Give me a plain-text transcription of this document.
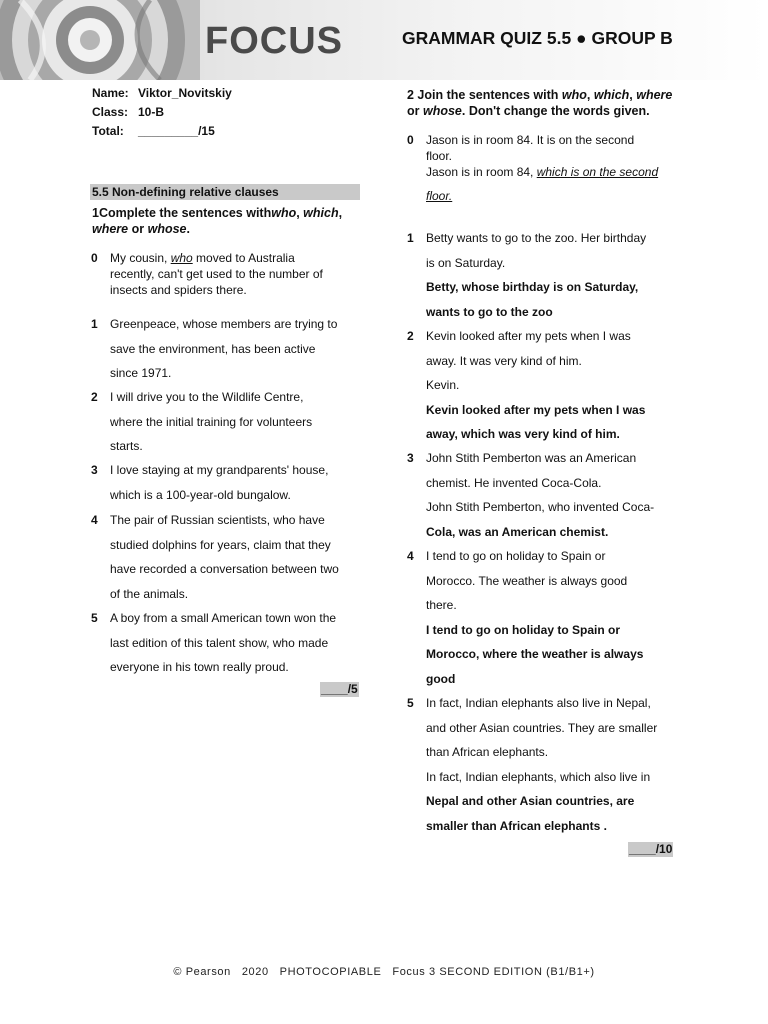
FOCUS	GRAMMAR QUIZ 5.5 ● GROUP B
Name: Viktor_Novitskiy
Class: 10-B
Total: _________/15
5.5 Non-defining relative clauses
1Complete the sentences withwho, which,
where or whose.
0 My cousin, who moved to Australia
recently, can't get used to the number of
insects and spiders there.
1 Greenpeace, whose members are trying to
save the environment, has been active
since 1971.
2 I will drive you to the Wildlife Centre,
where the initial training for volunteers
starts.
3 I love staying at my grandparents' house,
which is a 100-year-old bungalow.
4 The pair of Russian scientists, who have
studied dolphins for years, claim that they
have recorded a conversation between two
of the animals.
5 A boy from a small American town won the
last edition of this talent show, who made
everyone in his town really proud.
____/5
2 Join the sentences with who, which, where
or whose. Don't change the words given.
0 Jason is in room 84. It is on the second
floor.
Jason is in room 84, which is on the second

floor.
1 Betty wants to go to the zoo. Her birthday
is on Saturday.
Betty, whose birthday is on Saturday,
wants to go to the zoo
2 Kevin looked after my pets when I was
away. It was very kind of him.
Kevin.
Kevin looked after my pets when I was
away, which was very kind of him.
3 John Stith Pemberton was an American
chemist. He invented Coca-Cola.
John Stith Pemberton, who invented Coca-
Cola, was an American chemist.
4 I tend to go on holiday to Spain or
Morocco. The weather is always good
there.
I tend to go on holiday to Spain or
Morocco, where the weather is always
good
5 In fact, Indian elephants also live in Nepal,
and other Asian countries. They are smaller
than African elephants.
In fact, Indian elephants, which also live in
Nepal and other Asian countries, are
smaller than African elephants .
____/10
© Pearson   2020   PHOTOCOPIABLE   Focus 3 SECOND EDITION (B1/B1+)
